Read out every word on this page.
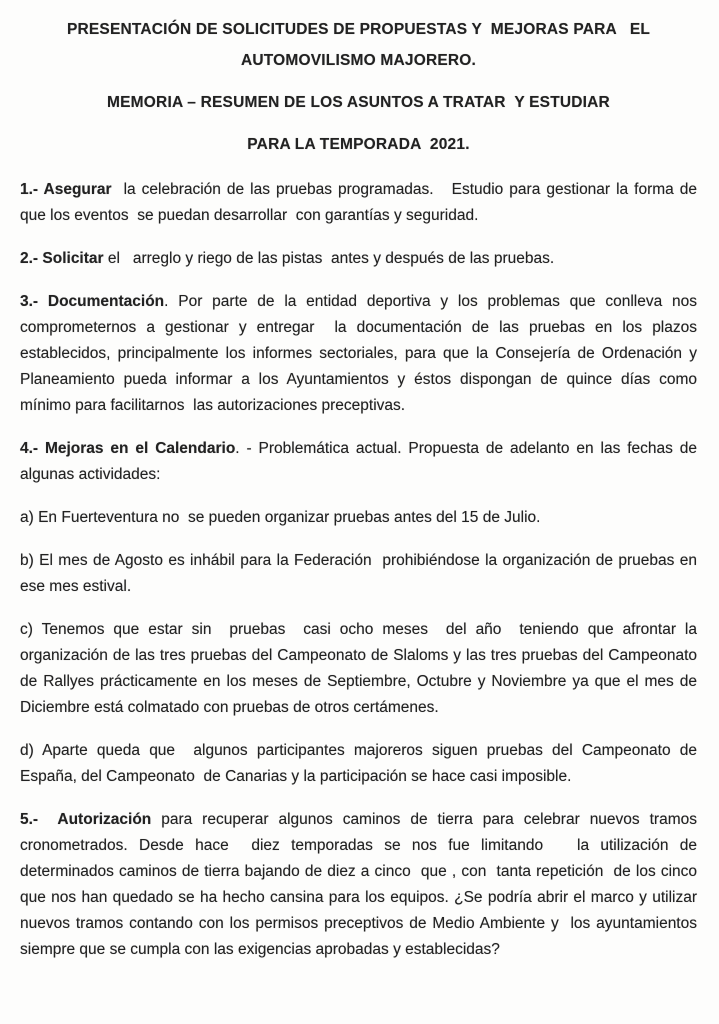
PRESENTACIÓN DE SOLICITUDES DE PROPUESTAS Y  MEJORAS PARA   EL
AUTOMOVILISMO MAJORERO.

MEMORIA – RESUMEN DE LOS ASUNTOS A TRATAR  Y ESTUDIAR

PARA LA TEMPORADA  2021.

1.- Asegurar  la celebración de las pruebas programadas.   Estudio para gestionar la forma de que los eventos  se puedan desarrollar  con garantías y seguridad.

2.- Solicitar el   arreglo y riego de las pistas  antes y después de las pruebas.

3.- Documentación. Por parte de la entidad deportiva y los problemas que conlleva nos comprometernos a gestionar y entregar  la documentación de las pruebas en los plazos establecidos, principalmente los informes sectoriales, para que la Consejería de Ordenación y  Planeamiento pueda informar a los Ayuntamientos y éstos dispongan de quince días como mínimo para facilitarnos  las autorizaciones preceptivas.

4.- Mejoras en el Calendario. - Problemática actual. Propuesta de adelanto en las fechas de algunas actividades:

a) En Fuerteventura no  se pueden organizar pruebas antes del 15 de Julio.

b) El mes de Agosto es inhábil para la Federación  prohibiéndose la organización de pruebas en ese mes estival.

c) Tenemos que estar sin  pruebas  casi ocho meses  del año  teniendo que afrontar la organización de las tres pruebas del Campeonato de Slaloms y las tres pruebas del Campeonato de Rallyes prácticamente en los meses de Septiembre, Octubre y Noviembre ya que el mes de Diciembre está colmatado con pruebas de otros certámenes.

d) Aparte queda que  algunos participantes majoreros siguen pruebas del Campeonato de España, del Campeonato  de Canarias y la participación se hace casi imposible.

5.-  Autorización para recuperar algunos caminos de tierra para celebrar nuevos tramos cronometrados. Desde hace  diez temporadas se nos fue limitando   la utilización de determinados caminos de tierra bajando de diez a cinco  que , con  tanta repetición  de los cinco que nos han quedado se ha hecho cansina para los equipos. ¿Se podría abrir el marco y utilizar nuevos tramos contando con los permisos preceptivos de Medio Ambiente y  los ayuntamientos siempre que se cumpla con las exigencias aprobadas y establecidas?
